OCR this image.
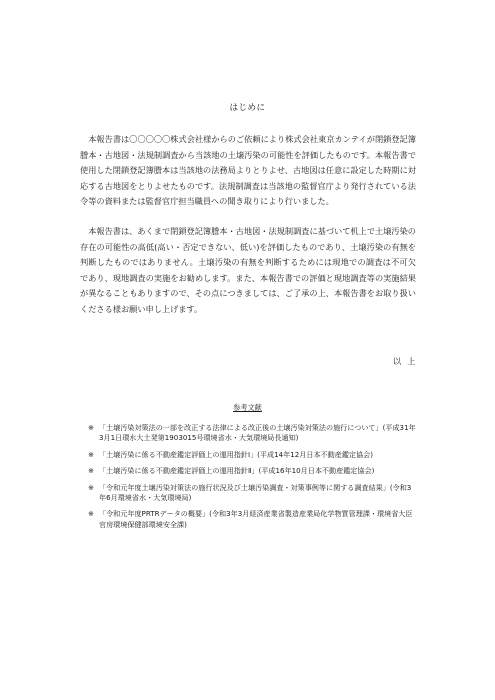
はじめに

本報告書は〇〇〇〇〇株式会社様からのご依頼により株式会社東京カンテイが閉鎖登記簿謄本・古地図・法規制調査から当該地の土壌汚染の可能性を評価したものです。本報告書で使用した閉鎖登記簿謄本は当該地の法務局よりとりよせ、古地図は任意に設定した時期に対応する古地図をとりよせたものです。法規制調査は当該地の監督官庁より発行されている法令等の資料または監督官庁担当職員への聞き取りにより行いました。

本報告書は、あくまで閉鎖登記簿謄本・古地図・法規制調査に基づいて机上で土壌汚染の存在の可能性の高低(高い・否定できない、低い)を評価したものであり、土壌汚染の有無を判断したものではありません。土壌汚染の有無を判断するためには現地での調査は不可欠であり、現地調査の実施をお勧めします。また、本報告書での評価と現地調査等の実施結果が異なることもありますので、その点につきましては、ご了承の上、本報告書をお取り扱いくださる様お願い申し上げます。

以上
参考文献
※ 「土壌汚染対策法の一部を改正する法律による改正後の土壌汚染対策法の施行について」(平成31年3月1日環水大土発第1903015号環境省水・大気環境局長通知)
※ 「土壌汚染に係る不動産鑑定評価上の運用指針Ⅰ」(平成14年12月日本不動産鑑定協会)
※ 「土壌汚染に係る不動産鑑定評価上の運用指針Ⅱ」(平成16年10月日本不動産鑑定協会)
※ 「令和元年度土壌汚染対策法の施行状況及び土壌汚染調査・対策事例等に関する調査結果」(令和3年6月環境省水・大気環境局)
※ 「令和元年度PRTRデータの概要」(令和3年3月経済産業省製造産業局化学物質管理課・環境省大臣官房環境保健部環境安全課)
